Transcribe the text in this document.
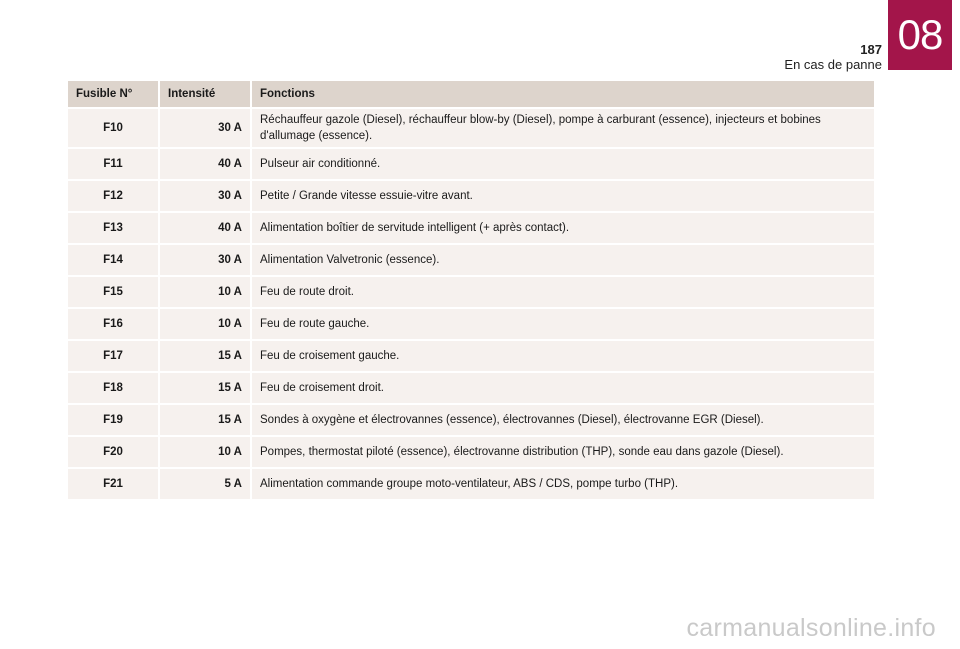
187
En cas de panne
08
Fusible N°	Intensité	Fonctions
F10	30 A	Réchauffeur gazole (Diesel), réchauffeur blow-by (Diesel), pompe à carburant (essence), injecteurs et bobines d'allumage (essence).
F11	40 A	Pulseur air conditionné.
F12	30 A	Petite / Grande vitesse essuie-vitre avant.
F13	40 A	Alimentation boîtier de servitude intelligent (+ après contact).
F14	30 A	Alimentation Valvetronic (essence).
F15	10 A	Feu de route droit.
F16	10 A	Feu de route gauche.
F17	15 A	Feu de croisement gauche.
F18	15 A	Feu de croisement droit.
F19	15 A	Sondes à oxygène et électrovannes (essence), électrovannes (Diesel), électrovanne EGR (Diesel).
F20	10 A	Pompes, thermostat piloté (essence), électrovanne distribution (THP), sonde eau dans gazole (Diesel).
F21	5 A	Alimentation commande groupe moto-ventilateur, ABS / CDS, pompe turbo (THP).
carmanualsonline.info
